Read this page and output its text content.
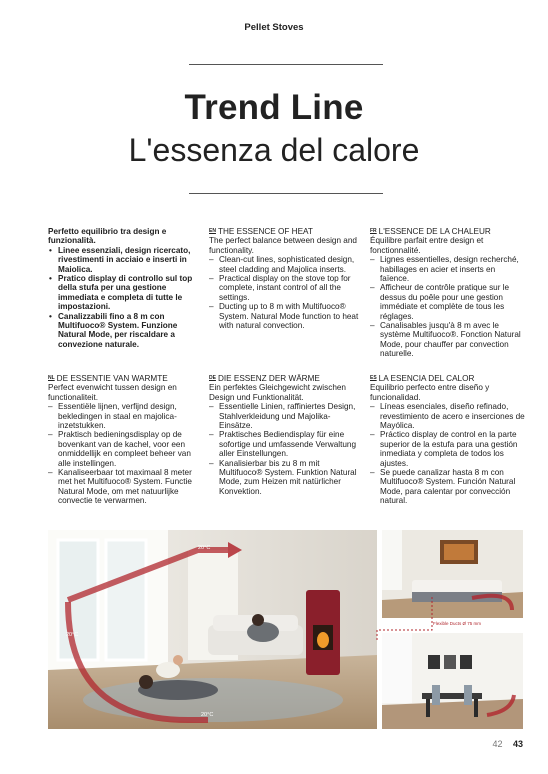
Pellet Stoves
Trend Line
L'essenza del calore

Perfetto equilibrio tra design e funzionalità.

• Linee essenziali, design ricercato, rivestimenti in acciaio e inserti in Maiolica.
• Pratico display di controllo sul top della stufa per una gestione immediata e completa di tutte le impostazioni.
• Canalizzabili fino a 8 m con Multifuoco® System. Funzione Natural Mode, per riscaldare a convezione naturale.

EN THE ESSENCE OF HEAT

The perfect balance between design and functionality.

– Clean-cut lines, sophisticated design, steel cladding and Majolica inserts.
– Practical display on the stove top for complete, instant control of all the settings.
– Ducting up to 8 m with Multifuoco® System. Natural Mode function to heat with natural convection.

FR L'ESSENCE DE LA CHALEUR

Équilibre parfait entre design et fonctionnalité.

– Lignes essentielles, design recherché, habillages en acier et inserts en faïence.
– Afficheur de contrôle pratique sur le dessus du poêle pour une gestion immédiate et complète de tous les réglages.
– Canalisables jusqu'à 8 m avec le système Multifuoco®. Fonction Natural Mode, pour chauffer par convection naturelle.

NL DE ESSENTIE VAN WARMTE

Perfect evenwicht tussen design en functionaliteit.

– Essentiële lijnen, verfijnd design, bekledingen in staal en majolica-inzetstukken.
– Praktisch bedieningsdisplay op de bovenkant van de kachel, voor een onmiddellijk en compleet beheer van alle instellingen.
– Kanaliseerbaar tot maximaal 8 meter met het Multifuoco® System. Functie Natural Mode, om met natuurlijke convectie te verwarmen.

DE DIE ESSENZ DER WÄRME

Ein perfektes Gleichgewicht zwischen Design und Funktionalität.

– Essentielle Linien, raffiniertes Design, Stahlverkleidung und Majolika-Einsätze.
– Praktisches Bediendisplay für eine sofortige und umfassende Verwaltung aller Einstellungen.
– Kanalisierbar bis zu 8 m mit Multifuoco® System. Funktion Natural Mode, zum Heizen mit natürlicher Konvektion.

ES LA ESENCIA DEL CALOR

Equilibrio perfecto entre diseño y funcionalidad.

– Líneas esenciales, diseño refinado, revestimiento de acero e inserciones de Mayólica.
– Práctico display de control en la parte superior de la estufa para una gestión inmediata y completa de todos los ajustes.
– Se puede canalizar hasta 8 m con Multifuoco® System. Función Natural Mode, para calentar por convección natural.
20°C
20°C
20°C
Flexible Ducts Ø 75 mm
42 43
